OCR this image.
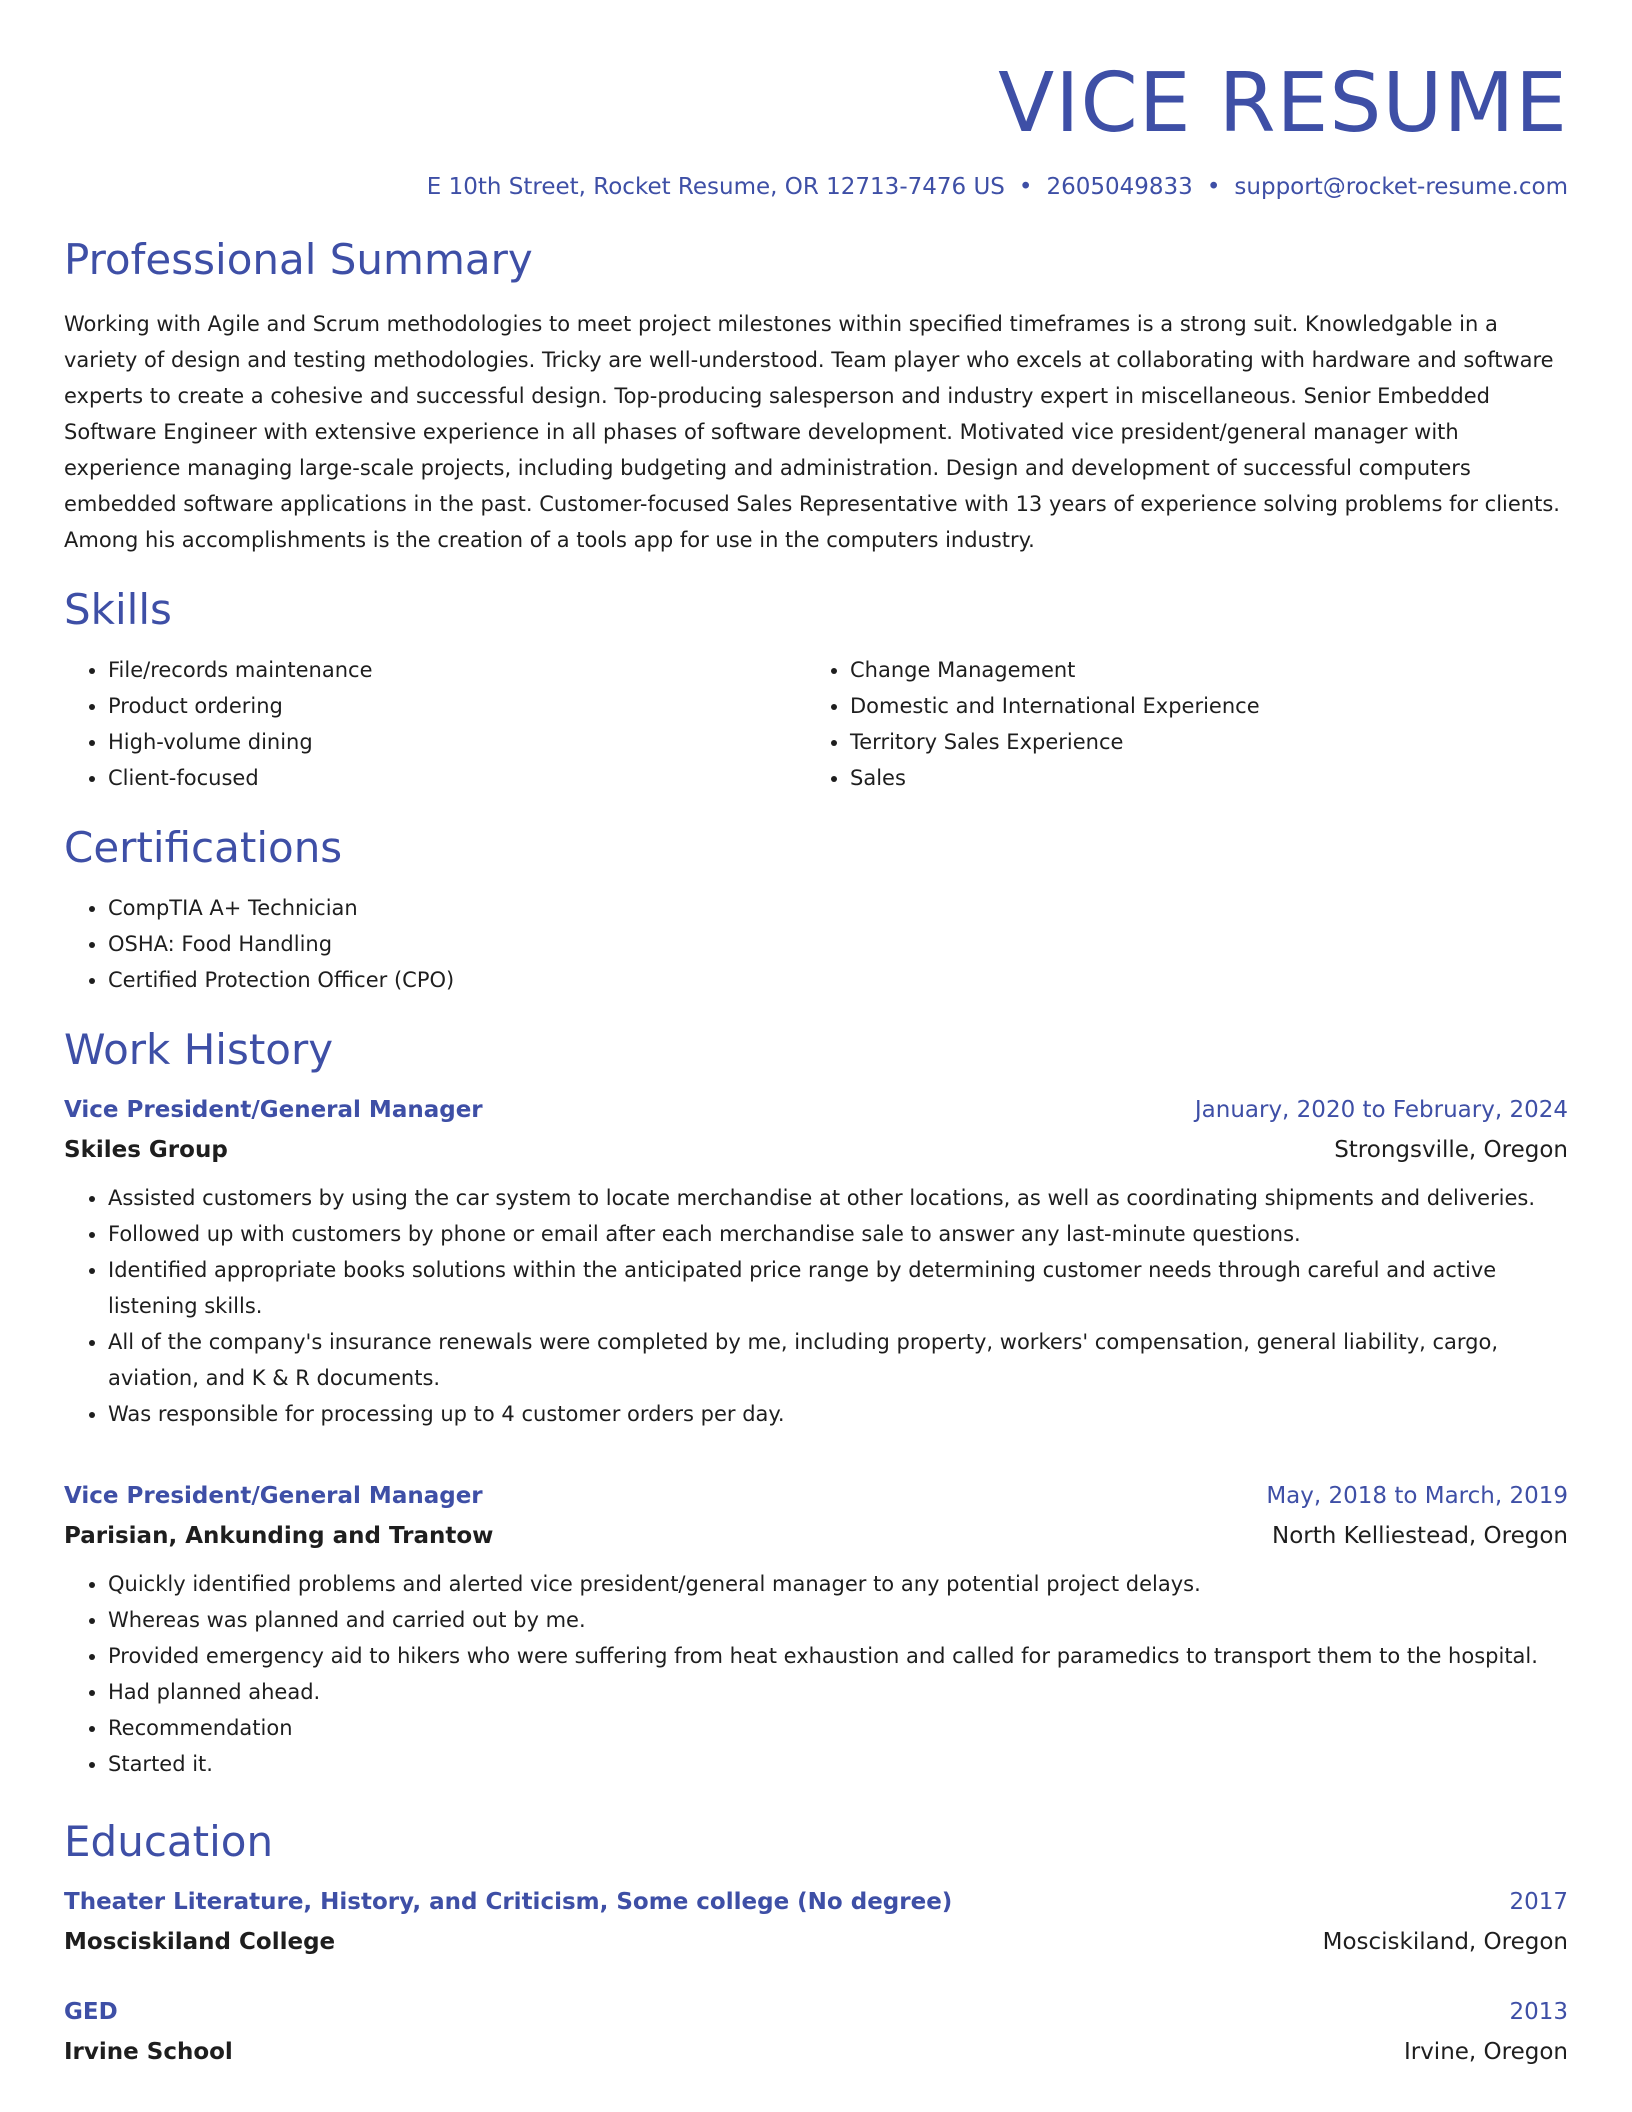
VICE RESUME
E 10th Street, Rocket Resume, OR 12713-7476 US • 2605049833 • support@rocket-resume.com
Professional Summary
Working with Agile and Scrum methodologies to meet project milestones within specified timeframes is a strong suit. Knowledgable in a variety of design and testing methodologies. Tricky are well-understood. Team player who excels at collaborating with hardware and software experts to create a cohesive and successful design. Top-producing salesperson and industry expert in miscellaneous. Senior Embedded Software Engineer with extensive experience in all phases of software development. Motivated vice president/general manager with experience managing large-scale projects, including budgeting and administration. Design and development of successful computers embedded software applications in the past. Customer-focused Sales Representative with 13 years of experience solving problems for clients. Among his accomplishments is the creation of a tools app for use in the computers industry.
Skills
• File/records maintenance
• Product ordering
• High-volume dining
• Client-focused
• Change Management
• Domestic and International Experience
• Territory Sales Experience
• Sales
Certifications
• CompTIA A+ Technician
• OSHA: Food Handling
• Certified Protection Officer (CPO)
Work History
Vice President/General Manager	January, 2020 to February, 2024
Skiles Group	Strongsville, Oregon
• Assisted customers by using the car system to locate merchandise at other locations, as well as coordinating shipments and deliveries.
• Followed up with customers by phone or email after each merchandise sale to answer any last-minute questions.
• Identified appropriate books solutions within the anticipated price range by determining customer needs through careful and active listening skills.
• All of the company's insurance renewals were completed by me, including property, workers' compensation, general liability, cargo, aviation, and K & R documents.
• Was responsible for processing up to 4 customer orders per day.
Vice President/General Manager	May, 2018 to March, 2019
Parisian, Ankunding and Trantow	North Kelliestead, Oregon
• Quickly identified problems and alerted vice president/general manager to any potential project delays.
• Whereas was planned and carried out by me.
• Provided emergency aid to hikers who were suffering from heat exhaustion and called for paramedics to transport them to the hospital.
• Had planned ahead.
• Recommendation
• Started it.
Education
Theater Literature, History, and Criticism, Some college (No degree)	2017
Mosciskiland College	Mosciskiland, Oregon
GED	2013
Irvine School	Irvine, Oregon
